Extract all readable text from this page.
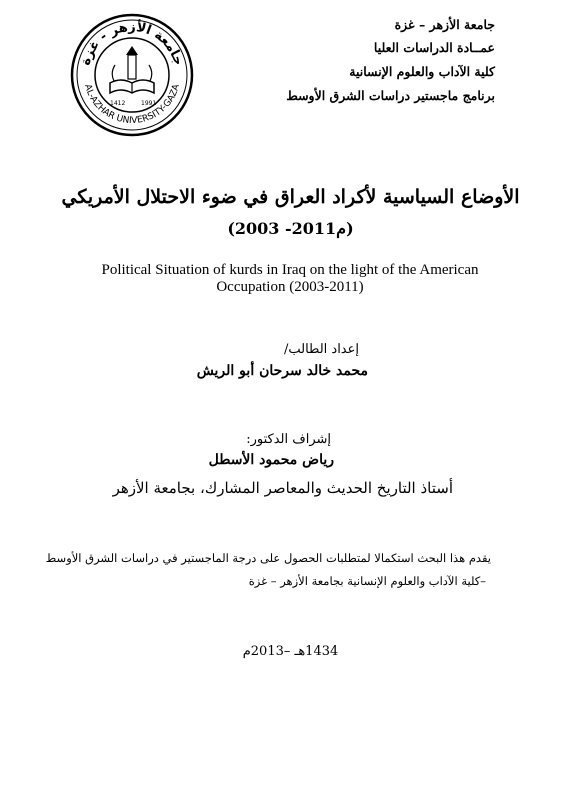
جامعة الأزهر – غزة
عمــادة الدراسات العليا
كلية الآداب والعلوم الإنسانية
برنامج ماجستير دراسات الشرق الأوسط
جامعة الأزهر - غزة
AL-AZHAR UNIVERSITY-GAZA
1412	1991
الأوضاع السياسية لأكراد العراق في ضوء الاحتلال الأمريكي
(2003 -2011م)
Political Situation of kurds in Iraq on the light of the American
Occupation (2003-2011)
إعداد الطالب/
محمد خالد سرحان أبو الريش
إشراف الدكتور:
رياض محمود الأسطل
أستاذ التاريخ الحديث والمعاصر المشارك، بجامعة الأزهر
يقدم هذا البحث استكمالا لمتطلبات الحصول على درجة الماجستير في دراسات الشرق الأوسط
–كلية الآداب والعلوم الإنسانية بجامعة الأزهر – غزة
1434هـ –2013م
